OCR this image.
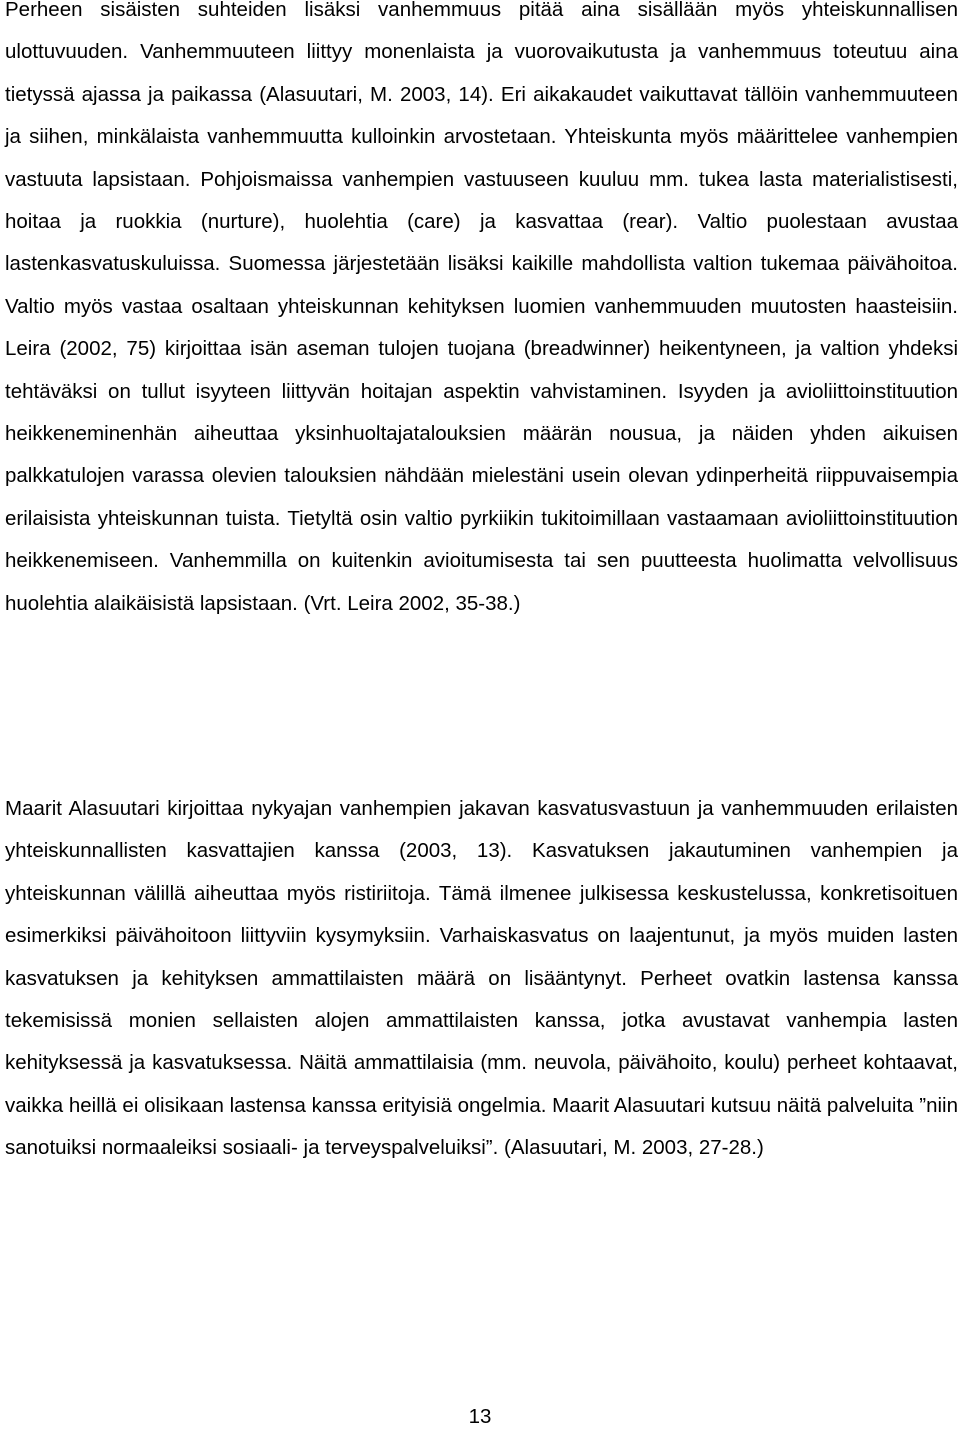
Perheen sisäisten suhteiden lisäksi vanhemmuus pitää aina sisällään myös yhteiskunnallisen ulottuvuuden. Vanhemmuuteen liittyy monenlaista ja vuorovaikutusta ja vanhemmuus toteutuu aina tietyssä ajassa ja paikassa (Alasuutari, M. 2003, 14). Eri aikakaudet vaikuttavat tällöin vanhemmuuteen ja siihen, minkälaista vanhemmuutta kulloinkin arvostetaan. Yhteiskunta myös määrittelee vanhempien vastuuta lapsistaan. Pohjoismaissa vanhempien vastuuseen kuuluu mm. tukea lasta materialistisesti, hoitaa ja ruokkia (nurture), huolehtia (care) ja kasvattaa (rear). Valtio puolestaan avustaa lastenkasvatuskuluissa. Suomessa järjestetään lisäksi kaikille mahdollista valtion tukemaa päivähoitoa. Valtio myös vastaa osaltaan yhteiskunnan kehityksen luomien vanhemmuuden muutosten haasteisiin. Leira (2002, 75) kirjoittaa isän aseman tulojen tuojana (breadwinner) heikentyneen, ja valtion yhdeksi tehtäväksi on tullut isyyteen liittyvän hoitajan aspektin vahvistaminen. Isyyden ja avioliittoinstituution heikkeneminenhän aiheuttaa yksinhuoltajatalouksien määrän nousua, ja näiden yhden aikuisen palkkatulojen varassa olevien talouksien nähdään mielestäni usein olevan ydinperheitä riippuvaisempia erilaisista yhteiskunnan tuista. Tietyltä osin valtio pyrkiikin tukitoimillaan vastaamaan avioliittoinstituution heikkenemiseen. Vanhemmilla on kuitenkin avioitumisesta tai sen puutteesta huolimatta velvollisuus huolehtia alaikäisistä lapsistaan. (Vrt. Leira 2002, 35-38.)

Maarit Alasuutari kirjoittaa nykyajan vanhempien jakavan kasvatusvastuun ja vanhemmuuden erilaisten yhteiskunnallisten kasvattajien kanssa (2003, 13). Kasvatuksen jakautuminen vanhempien ja yhteiskunnan välillä aiheuttaa myös ristiriitoja. Tämä ilmenee julkisessa keskustelussa, konkretisoituen esimerkiksi päivähoitoon liittyviin kysymyksiin. Varhaiskasvatus on laajentunut, ja myös muiden lasten kasvatuksen ja kehityksen ammattilaisten määrä on lisääntynyt. Perheet ovatkin lastensa kanssa tekemisissä monien sellaisten alojen ammattilaisten kanssa, jotka avustavat vanhempia lasten kehityksessä ja kasvatuksessa. Näitä ammattilaisia (mm. neuvola, päivähoito, koulu) perheet kohtaavat, vaikka heillä ei olisikaan lastensa kanssa erityisiä ongelmia. Maarit Alasuutari kutsuu näitä palveluita ”niin sanotuiksi normaaleiksi sosiaali- ja terveyspalveluiksi”. (Alasuutari, M. 2003, 27-28.)

13
